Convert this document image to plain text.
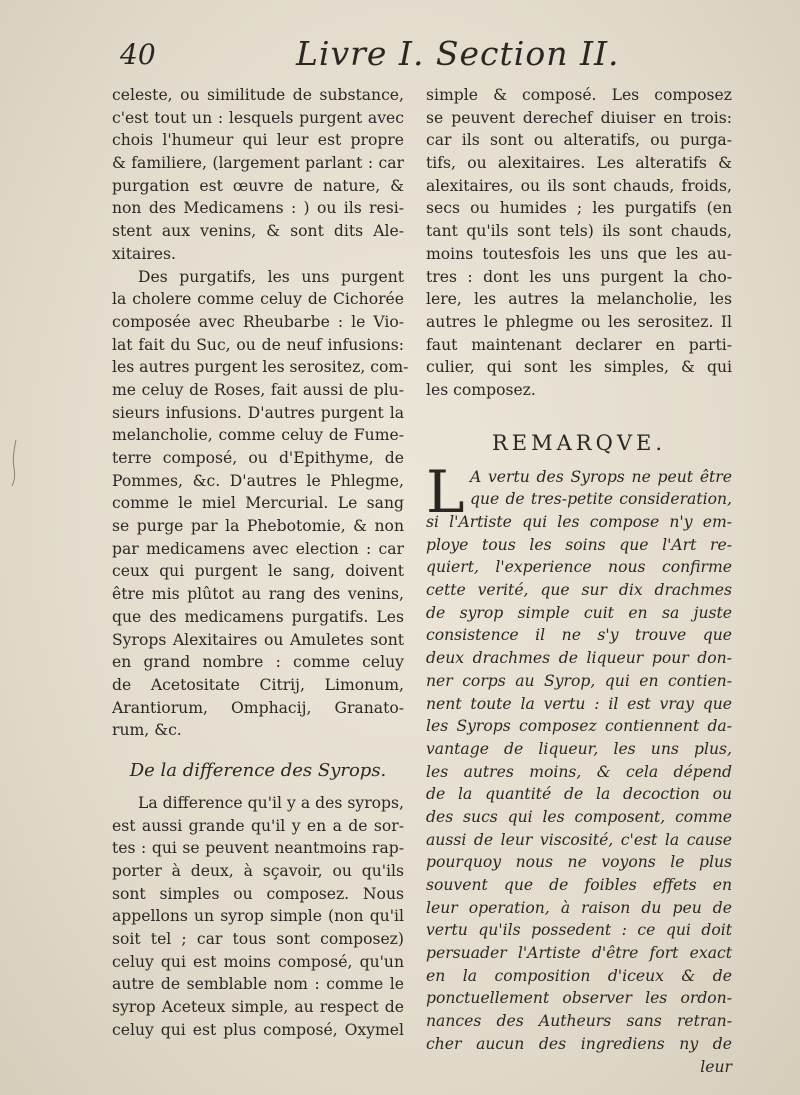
40	Livre I. Section II.
celeste, ou similitude de substance,
c'est tout un : lesquels purgent avec
chois l'humeur qui leur est propre
& familiere, (largement parlant : car
purgation est œuvre de nature, &
non des Medicamens : ) ou ils resi-
stent aux venins, & sont dits Ale-
xitaires.
Des purgatifs, les uns purgent
la cholere comme celuy de Cichorée
composée avec Rheubarbe : le Vio-
lat fait du Suc, ou de neuf infusions:
les autres purgent les serositez, com-
me celuy de Roses, fait aussi de plu-
sieurs infusions. D'autres purgent la
melancholie, comme celuy de Fume-
terre composé, ou d'Epithyme, de
Pommes, &c. D'autres le Phlegme,
comme le miel Mercurial. Le sang
se purge par la Phebotomie, & non
par medicamens avec election : car
ceux qui purgent le sang, doivent
être mis plûtot au rang des venins,
que des medicamens purgatifs. Les
Syrops Alexitaires ou Amuletes sont
en grand nombre : comme celuy
de Acetositate Citrij, Limonum,
Arantiorum, Omphacij, Granato-
rum, &c.
De la difference des Syrops.
La difference qu'il y a des syrops,
est aussi grande qu'il y en a de sor-
tes : qui se peuvent neantmoins rap-
porter à deux, à sçavoir, ou qu'ils
sont simples ou composez. Nous
appellons un syrop simple (non qu'il
soit tel ; car tous sont composez)
celuy qui est moins composé, qu'un
autre de semblable nom : comme le
syrop Aceteux simple, au respect de
celuy qui est plus composé, Oxymel
simple & composé. Les composez
se peuvent derechef diuiser en trois:
car ils sont ou alteratifs, ou purga-
tifs, ou alexitaires. Les alteratifs &
alexitaires, ou ils sont chauds, froids,
secs ou humides ; les purgatifs (en
tant qu'ils sont tels) ils sont chauds,
moins toutesfois les uns que les au-
tres : dont les uns purgent la cho-
lere, les autres la melancholie, les
autres le phlegme ou les serositez. Il
faut maintenant declarer en parti-
culier, qui sont les simples, & qui
les composez.
REMARQVE.
L A vertu des Syrops ne peut être
que de tres-petite consideration,
si l'Artiste qui les compose n'y em-
ploye tous les soins que l'Art re-
quiert, l'experience nous confirme
cette verité, que sur dix drachmes
de syrop simple cuit en sa juste
consistence il ne s'y trouve que
deux drachmes de liqueur pour don-
ner corps au Syrop, qui en contien-
nent toute la vertu : il est vray que
les Syrops composez contiennent da-
vantage de liqueur, les uns plus,
les autres moins, & cela dépend
de la quantité de la decoction ou
des sucs qui les composent, comme
aussi de leur viscosité, c'est la cause
pourquoy nous ne voyons le plus
souvent que de foibles effets en
leur operation, à raison du peu de
vertu qu'ils possedent : ce qui doit
persuader l'Artiste d'être fort exact
en la composition d'iceux & de
ponctuellement observer les ordon-
nances des Autheurs sans retran-
cher aucun des ingrediens ny de
leur
